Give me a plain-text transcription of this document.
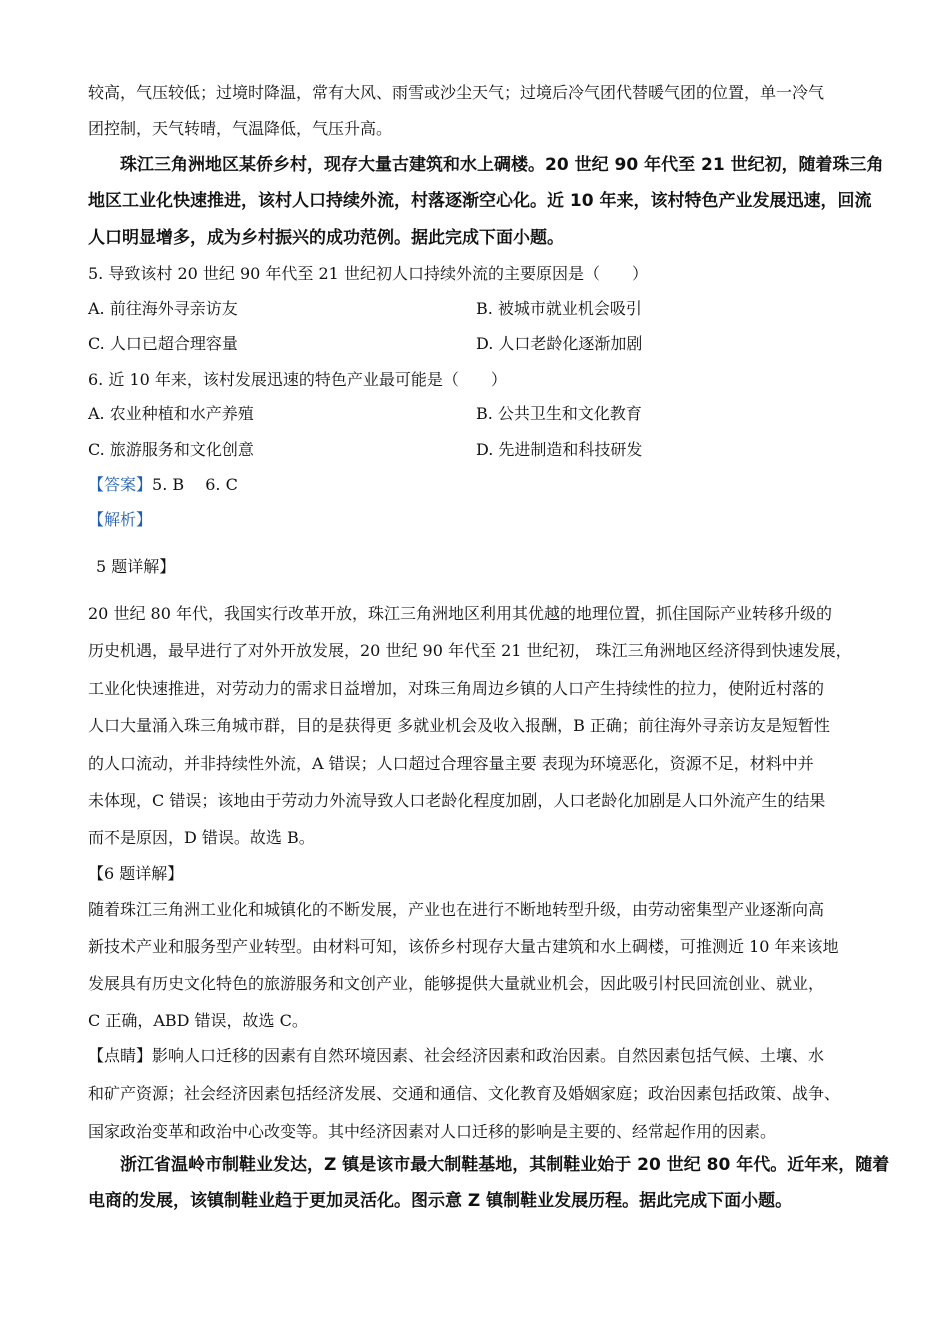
较高，气压较低；过境时降温，常有大风、雨雪或沙尘天气；过境后冷气团代替暖气团的位置，单一冷气
团控制，天气转晴，气温降低，气压升高。
珠江三角洲地区某侨乡村，现存大量古建筑和水上碉楼。20 世纪 90 年代至 21 世纪初，随着珠三角
地区工业化快速推进，该村人口持续外流，村落逐渐空心化。近 10 年来，该村特色产业发展迅速，回流
人口明显增多，成为乡村振兴的成功范例。据此完成下面小题。
5. 导致该村 20 世纪 90 年代至 21 世纪初人口持续外流的主要原因是（　　）
A. 前往海外寻亲访友	B. 被城市就业机会吸引
C. 人口已超合理容量	D. 人口老龄化逐渐加剧
6. 近 10 年来，该村发展迅速的特色产业最可能是（　　）
A. 农业种植和水产养殖	B. 公共卫生和文化教育
C. 旅游服务和文化创意	D. 先进制造和科技研发
【答案】5. B　 6. C
【解析】
5 题详解】
20 世纪 80 年代，我国实行改革开放，珠江三角洲地区利用其优越的地理位置，抓住国际产业转移升级的
历史机遇，最早进行了对外开放发展，20 世纪 90 年代至 21 世纪初， 珠江三角洲地区经济得到快速发展，
工业化快速推进，对劳动力的需求日益增加，对珠三角周边乡镇的人口产生持续性的拉力，使附近村落的
人口大量涌入珠三角城市群，目的是获得更 多就业机会及收入报酬，B 正确；前往海外寻亲访友是短暂性
的人口流动，并非持续性外流，A 错误；人口超过合理容量主要 表现为环境恶化，资源不足，材料中并
未体现，C 错误；该地由于劳动力外流导致人口老龄化程度加剧，人口老龄化加剧是人口外流产生的结果
而不是原因，D 错误。故选 B。
【6 题详解】
随着珠江三角洲工业化和城镇化的不断发展，产业也在进行不断地转型升级，由劳动密集型产业逐渐向高
新技术产业和服务型产业转型。由材料可知，该侨乡村现存大量古建筑和水上碉楼，可推测近 10 年来该地
发展具有历史文化特色的旅游服务和文创产业，能够提供大量就业机会，因此吸引村民回流创业、就业，
C 正确，ABD 错误，故选 C。
【点睛】影响人口迁移的因素有自然环境因素、社会经济因素和政治因素。自然因素包括气候、土壤、水
和矿产资源；社会经济因素包括经济发展、交通和通信、文化教育及婚姻家庭；政治因素包括政策、战争、
国家政治变革和政治中心改变等。其中经济因素对人口迁移的影响是主要的、经常起作用的因素。
浙江省温岭市制鞋业发达，Z 镇是该市最大制鞋基地，其制鞋业始于 20 世纪 80 年代。近年来，随着
电商的发展，该镇制鞋业趋于更加灵活化。图示意 Z 镇制鞋业发展历程。据此完成下面小题。
